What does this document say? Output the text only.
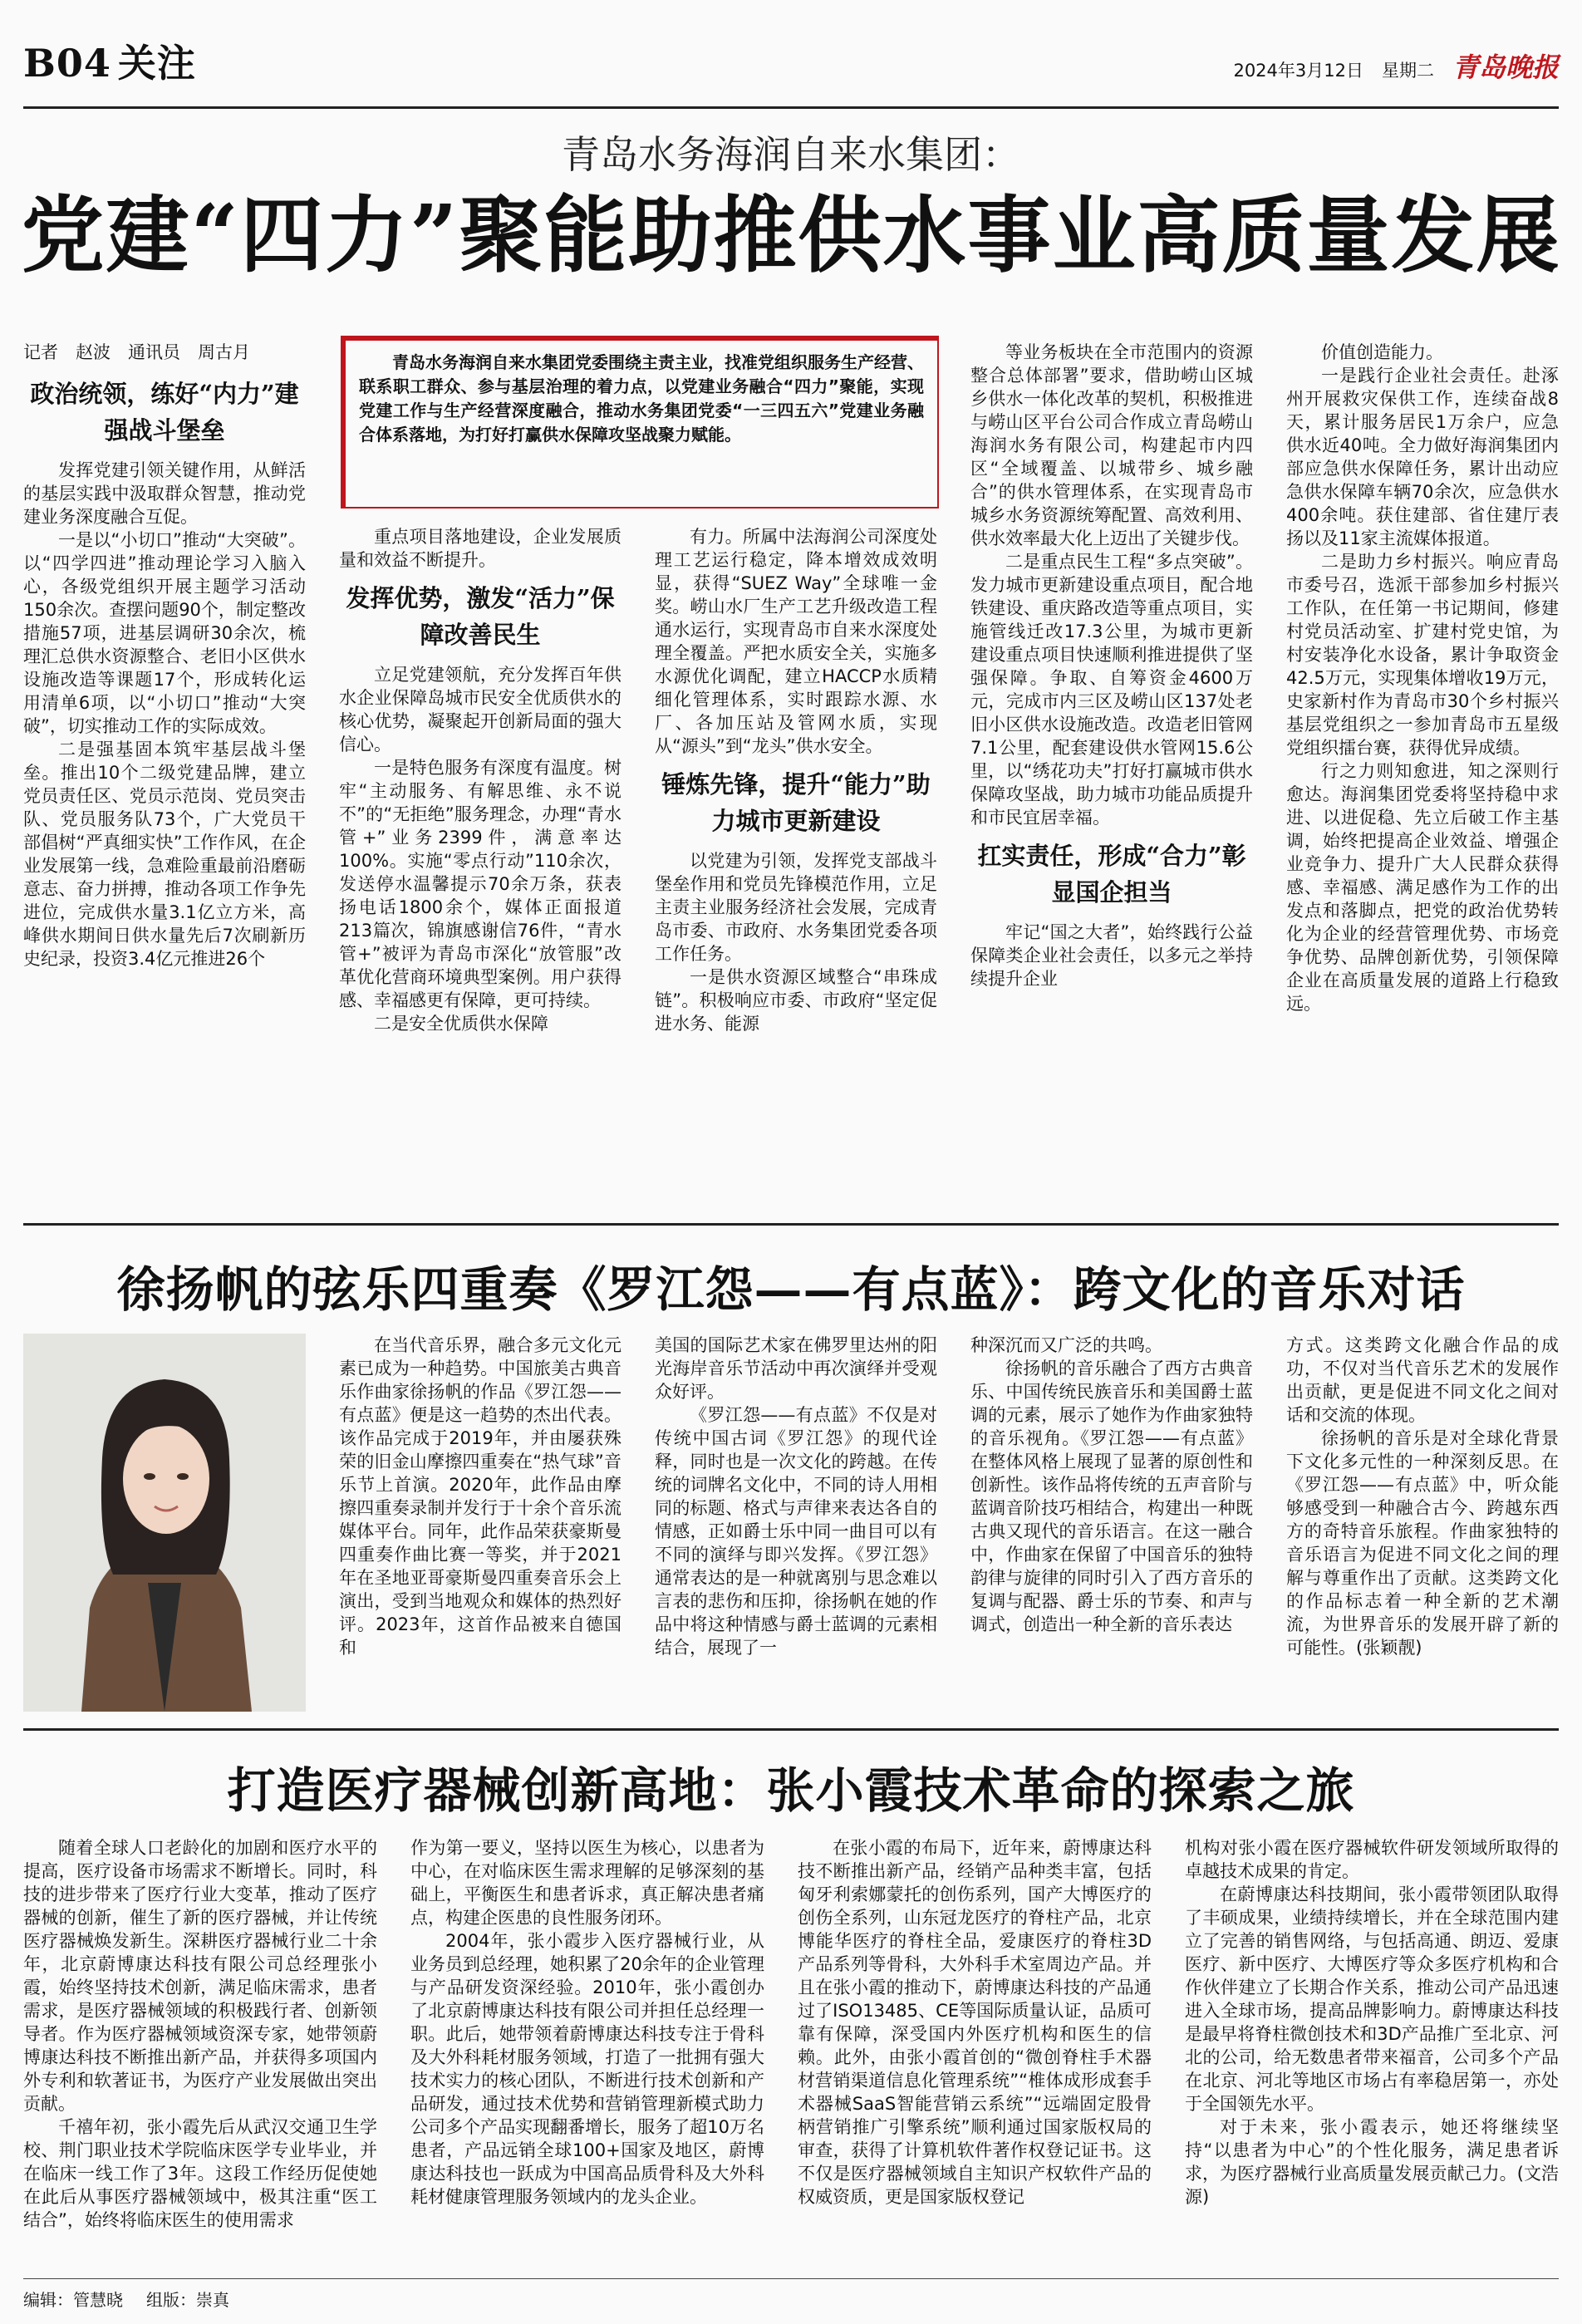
B04 关注	2024年3月12日 星期二 青岛晚报
青岛水务海润自来水集团：
党建“四力”聚能助推供水事业高质量发展
记者　赵波　通讯员　周古月
政治统领，练好“内力”建强战斗堡垒

发挥党建引领关键作用，从鲜活的基层实践中汲取群众智慧，推动党建业务深度融合互促。

一是以“小切口”推动“大突破”。以“四学四进”推动理论学习入脑入心，各级党组织开展主题学习活动150余次。查摆问题90个，制定整改措施57项，进基层调研30余次，梳理汇总供水资源整合、老旧小区供水设施改造等课题17个，形成转化运用清单6项，以“小切口”推动“大突破”，切实推动工作的实际成效。

二是强基固本筑牢基层战斗堡垒。推出10个二级党建品牌，建立党员责任区、党员示范岗、党员突击队、党员服务队73个，广大党员干部倡树“严真细实快”工作作风，在企业发展第一线，急难险重最前沿磨砺意志、奋力拼搏，推动各项工作争先进位，完成供水量3.1亿立方米，高峰供水期间日供水量先后7次刷新历史纪录，投资3.4亿元推进26个

青岛水务海润自来水集团党委围绕主责主业，找准党组织服务生产经营、联系职工群众、参与基层治理的着力点，以党建业务融合“四力”聚能，实现党建工作与生产经营深度融合，推动水务集团党委“一三四五六”党建业务融合体系落地，为打好打赢供水保障攻坚战聚力赋能。

重点项目落地建设，企业发展质量和效益不断提升。

发挥优势，激发“活力”保障改善民生

立足党建领航，充分发挥百年供水企业保障岛城市民安全优质供水的核心优势，凝聚起开创新局面的强大信心。

一是特色服务有深度有温度。树牢“主动服务、有解思维、永不说不”的“无拒绝”服务理念，办理“青水管+”业务2399件，满意率达100%。实施“零点行动”110余次，发送停水温馨提示70余万条，获表扬电话1800余个，媒体正面报道213篇次，锦旗感谢信76件，“青水管+”被评为青岛市深化“放管服”改革优化营商环境典型案例。用户获得感、幸福感更有保障，更可持续。

二是安全优质供水保障

有力。所属中法海润公司深度处理工艺运行稳定，降本增效成效明显，获得“SUEZ Way”全球唯一金奖。崂山水厂生产工艺升级改造工程通水运行，实现青岛市自来水深度处理全覆盖。严把水质安全关，实施多水源优化调配，建立HACCP水质精细化管理体系，实时跟踪水源、水厂、各加压站及管网水质，实现从“源头”到“龙头”供水安全。

锤炼先锋，提升“能力”助力城市更新建设

以党建为引领，发挥党支部战斗堡垒作用和党员先锋模范作用，立足主责主业服务经济社会发展，完成青岛市委、市政府、水务集团党委各项工作任务。

一是供水资源区域整合“串珠成链”。积极响应市委、市政府“坚定促进水务、能源

等业务板块在全市范围内的资源整合总体部署”要求，借助崂山区城乡供水一体化改革的契机，积极推进与崂山区平台公司合作成立青岛崂山海润水务有限公司，构建起市内四区“全域覆盖、以城带乡、城乡融合”的供水管理体系，在实现青岛市城乡水务资源统筹配置、高效利用、供水效率最大化上迈出了关键步伐。

二是重点民生工程“多点突破”。发力城市更新建设重点项目，配合地铁建设、重庆路改造等重点项目，实施管线迁改17.3公里，为城市更新建设重点项目快速顺利推进提供了坚强保障。争取、自筹资金4600万元，完成市内三区及崂山区137处老旧小区供水设施改造。改造老旧管网7.1公里，配套建设供水管网15.6公里，以“绣花功夫”打好打赢城市供水保障攻坚战，助力城市功能品质提升和市民宜居幸福。

扛实责任，形成“合力”彰显国企担当

牢记“国之大者”，始终践行公益保障类企业社会责任，以多元之举持续提升企业

价值创造能力。

一是践行企业社会责任。赴涿州开展救灾保供工作，连续奋战8天，累计服务居民1万余户，应急供水近40吨。全力做好海润集团内部应急供水保障任务，累计出动应急供水保障车辆70余次，应急供水400余吨。获住建部、省住建厅表扬以及11家主流媒体报道。

二是助力乡村振兴。响应青岛市委号召，选派干部参加乡村振兴工作队，在任第一书记期间，修建村党员活动室、扩建村党史馆，为村安装净化水设备，累计争取资金42.5万元，实现集体增收19万元，史家新村作为青岛市30个乡村振兴基层党组织之一参加青岛市五星级党组织擂台赛，获得优异成绩。

行之力则知愈进，知之深则行愈达。海润集团党委将坚持稳中求进、以进促稳、先立后破工作主基调，始终把提高企业效益、增强企业竞争力、提升广大人民群众获得感、幸福感、满足感作为工作的出发点和落脚点，把党的政治优势转化为企业的经营管理优势、市场竞争优势、品牌创新优势，引领保障企业在高质量发展的道路上行稳致远。

徐扬帆的弦乐四重奏《罗江怨——有点蓝》：跨文化的音乐对话

在当代音乐界，融合多元文化元素已成为一种趋势。中国旅美古典音乐作曲家徐扬帆的作品《罗江怨——有点蓝》便是这一趋势的杰出代表。该作品完成于2019年，并由屡获殊荣的旧金山摩擦四重奏在“热气球”音乐节上首演。2020年，此作品由摩擦四重奏录制并发行于十余个音乐流媒体平台。同年，此作品荣获豪斯曼四重奏作曲比赛一等奖，并于2021年在圣地亚哥豪斯曼四重奏音乐会上演出，受到当地观众和媒体的热烈好评。2023年，这首作品被来自德国和

美国的国际艺术家在佛罗里达州的阳光海岸音乐节活动中再次演绎并受观众好评。

《罗江怨——有点蓝》不仅是对传统中国古词《罗江怨》的现代诠释，同时也是一次文化的跨越。在传统的词牌名文化中，不同的诗人用相同的标题、格式与声律来表达各自的情感，正如爵士乐中同一曲目可以有不同的演绎与即兴发挥。《罗江怨》通常表达的是一种就离别与思念难以言表的悲伤和压抑，徐扬帆在她的作品中将这种情感与爵士蓝调的元素相结合，展现了一

种深沉而又广泛的共鸣。

徐扬帆的音乐融合了西方古典音乐、中国传统民族音乐和美国爵士蓝调的元素，展示了她作为作曲家独特的音乐视角。《罗江怨——有点蓝》在整体风格上展现了显著的原创性和创新性。该作品将传统的五声音阶与蓝调音阶技巧相结合，构建出一种既古典又现代的音乐语言。在这一融合中，作曲家在保留了中国音乐的独特韵律与旋律的同时引入了西方音乐的复调与配器、爵士乐的节奏、和声与调式，创造出一种全新的音乐表达

方式。这类跨文化融合作品的成功，不仅对当代音乐艺术的发展作出贡献，更是促进不同文化之间对话和交流的体现。

徐扬帆的音乐是对全球化背景下文化多元性的一种深刻反思。在《罗江怨——有点蓝》中，听众能够感受到一种融合古今、跨越东西方的奇特音乐旅程。作曲家独特的音乐语言为促进不同文化之间的理解与尊重作出了贡献。这类跨文化的作品标志着一种全新的艺术潮流，为世界音乐的发展开辟了新的可能性。(张颖靓)

打造医疗器械创新高地：张小霞技术革命的探索之旅

随着全球人口老龄化的加剧和医疗水平的提高，医疗设备市场需求不断增长。同时，科技的进步带来了医疗行业大变革，推动了医疗器械的创新，催生了新的医疗器械，并让传统医疗器械焕发新生。深耕医疗器械行业二十余年，北京蔚博康达科技有限公司总经理张小霞，始终坚持技术创新，满足临床需求，患者需求，是医疗器械领域的积极践行者、创新领导者。作为医疗器械领域资深专家，她带领蔚博康达科技不断推出新产品，并获得多项国内外专利和软著证书，为医疗产业发展做出突出贡献。

千禧年初，张小霞先后从武汉交通卫生学校、荆门职业技术学院临床医学专业毕业，并在临床一线工作了3年。这段工作经历促使她在此后从事医疗器械领域中，极其注重“医工结合”，始终将临床医生的使用需求

作为第一要义，坚持以医生为核心，以患者为中心，在对临床医生需求理解的足够深刻的基础上，平衡医生和患者诉求，真正解决患者痛点，构建企医患的良性服务闭环。

2004年，张小霞步入医疗器械行业，从业务员到总经理，她积累了20余年的企业管理与产品研发资深经验。2010年，张小霞创办了北京蔚博康达科技有限公司并担任总经理一职。此后，她带领着蔚博康达科技专注于骨科及大外科耗材服务领域，打造了一批拥有强大技术实力的核心团队，不断进行技术创新和产品研发，通过技术优势和营销管理新模式助力公司多个产品实现翻番增长，服务了超10万名患者，产品远销全球100+国家及地区，蔚博康达科技也一跃成为中国高品质骨科及大外科耗材健康管理服务领域内的龙头企业。

在张小霞的布局下，近年来，蔚博康达科技不断推出新产品，经销产品种类丰富，包括匈牙利索娜蒙托的创伤系列，国产大博医疗的创伤全系列，山东冠龙医疗的脊柱产品，北京博能华医疗的脊柱全品，爱康医疗的脊柱3D产品系列等骨科，大外科手术室周边产品。并且在张小霞的推动下，蔚博康达科技的产品通过了ISO13485、CE等国际质量认证，品质可靠有保障，深受国内外医疗机构和医生的信赖。此外，由张小霞首创的“微创脊柱手术器材营销渠道信息化管理系统”“椎体成形成套手术器械SaaS智能营销云系统”“远端固定股骨柄营销推广引擎系统”顺利通过国家版权局的审查，获得了计算机软件著作权登记证书。这不仅是医疗器械领域自主知识产权软件产品的权威资质，更是国家版权登记

机构对张小霞在医疗器械软件研发领域所取得的卓越技术成果的肯定。

在蔚博康达科技期间，张小霞带领团队取得了丰硕成果，业绩持续增长，并在全球范围内建立了完善的销售网络，与包括高通、朗迈、爱康医疗、新中医疗、大博医疗等众多医疗机构和合作伙伴建立了长期合作关系，推动公司产品迅速进入全球市场，提高品牌影响力。蔚博康达科技是最早将脊柱微创技术和3D产品推广至北京、河北的公司，给无数患者带来福音，公司多个产品在北京、河北等地区市场占有率稳居第一，亦处于全国领先水平。

对于未来，张小霞表示，她还将继续坚持“以患者为中心”的个性化服务，满足患者诉求，为医疗器械行业高质量发展贡献己力。(文浩源)

编辑：管慧晓 组版：崇真
